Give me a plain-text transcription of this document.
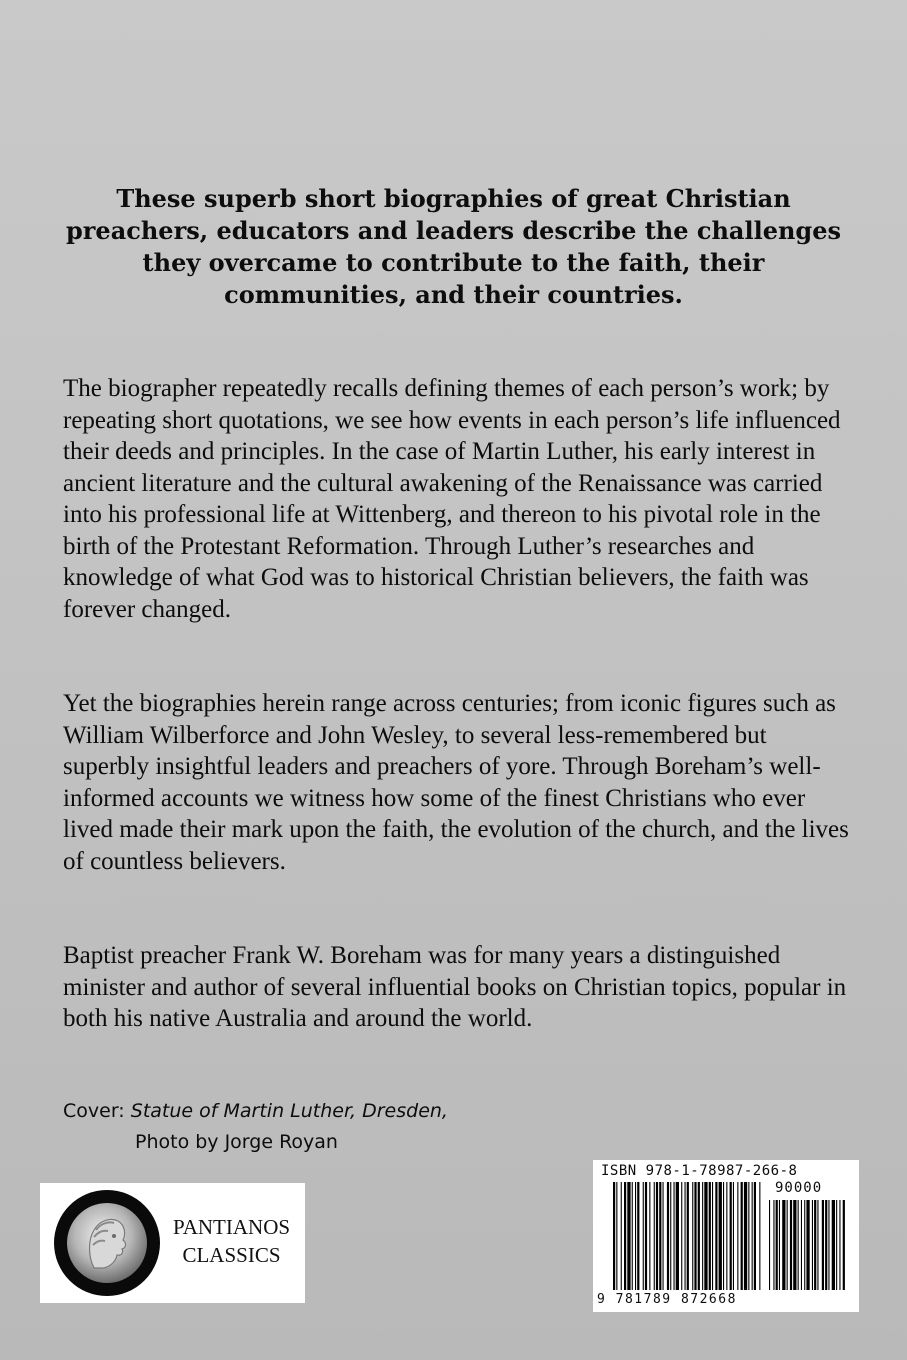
These superb short biographies of great Christian preachers, educators and leaders describe the challenges they overcame to contribute to the faith, their communities, and their countries.

The biographer repeatedly recalls defining themes of each person’s work; by repeating short quotations, we see how events in each person’s life influenced their deeds and principles. In the case of Martin Luther, his early interest in ancient literature and the cultural awakening of the Renaissance was carried into his professional life at Wittenberg, and thereon to his pivotal role in the birth of the Protestant Reformation. Through Luther’s researches and knowledge of what God was to historical Christian believers, the faith was forever changed.

Yet the biographies herein range across centuries; from iconic figures such as William Wilberforce and John Wesley, to several less-remembered but superbly insightful leaders and preachers of yore. Through Boreham’s well-informed accounts we witness how some of the finest Christians who ever lived made their mark upon the faith, the evolution of the church, and the lives of countless believers.

Baptist preacher Frank W. Boreham was for many years a distinguished minister and author of several influential books on Christian topics, popular in both his native Australia and around the world.

Cover: Statue of Martin Luther, Dresden,
Photo by Jorge Royan
PANTIANOS
CLASSICS
ISBN 978-1-78987-266-8
90000
9 781789 872668
